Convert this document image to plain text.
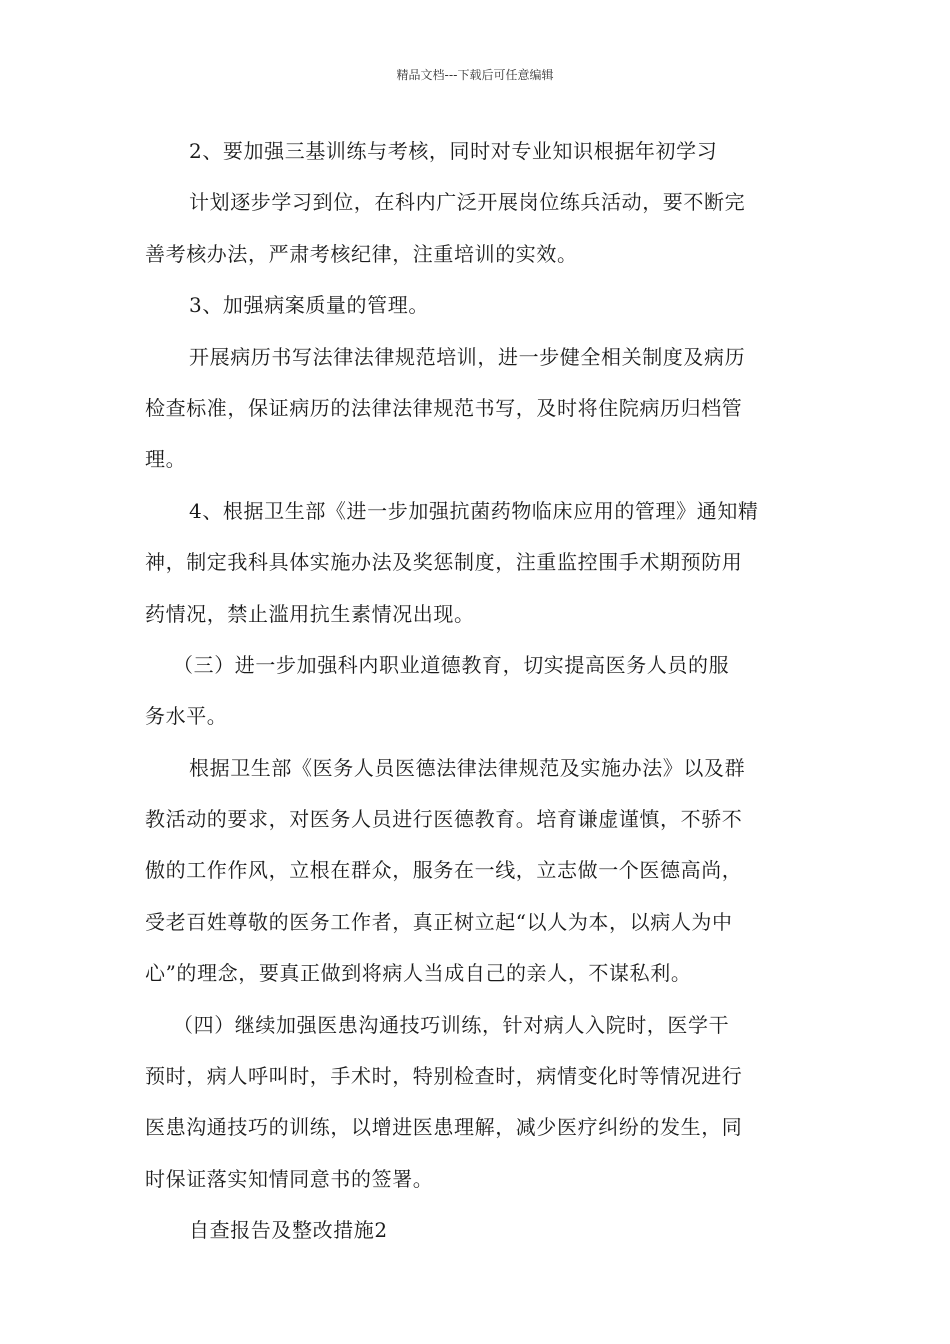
精品文档---下载后可任意编辑
2、要加强三基训练与考核，同时对专业知识根据年初学习
计划逐步学习到位，在科内广泛开展岗位练兵活动，要不断完
善考核办法，严肃考核纪律，注重培训的实效。
3、加强病案质量的管理。
开展病历书写法律法律规范培训，进一步健全相关制度及病历
检查标准，保证病历的法律法律规范书写，及时将住院病历归档管
理。
4、根据卫生部《进一步加强抗菌药物临床应用的管理》通知精
神，制定我科具体实施办法及奖惩制度，注重监控围手术期预防用
药情况，禁止滥用抗生素情况出现。
（三）进一步加强科内职业道德教育，切实提高医务人员的服
务水平。
根据卫生部《医务人员医德法律法律规范及实施办法》以及群
教活动的要求，对医务人员进行医德教育。培育谦虚谨慎，不骄不
傲的工作作风，立根在群众，服务在一线，立志做一个医德高尚，
受老百姓尊敬的医务工作者，真正树立起“以人为本，以病人为中
心”的理念，要真正做到将病人当成自己的亲人，不谋私利。
（四）继续加强医患沟通技巧训练，针对病人入院时，医学干
预时，病人呼叫时，手术时，特别检查时，病情变化时等情况进行
医患沟通技巧的训练，以增进医患理解，减少医疗纠纷的发生，同
时保证落实知情同意书的签署。
自查报告及整改措施2
